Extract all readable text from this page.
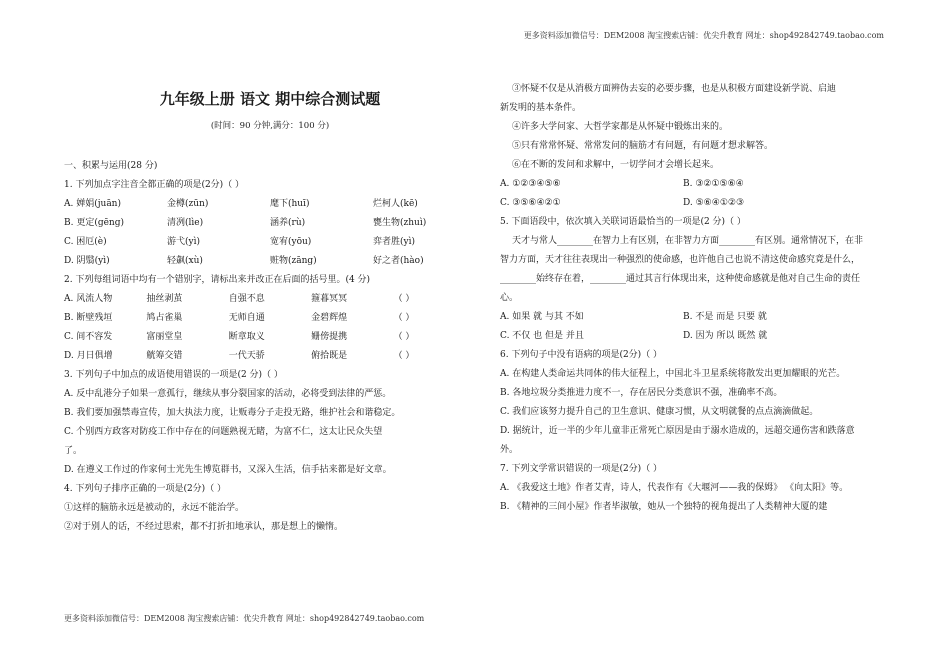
更多资料添加微信号：DEM2008 淘宝搜索店铺：优尖升教育 网址：shop492842749.taobao.com
九年级上册 语文 期中综合测试题
(时间：90 分钟,满分：100 分)
一、积累与运用(28 分)
1. 下列加点字注音全都正确的项是(2分)（ ）
A. 婵娟(juān)	金樽(zūn)	麾下(huī)	烂柯人(kē)
B. 更定(gēng)	清冽(lìe)	涵养(rù)	甕生物(zhuì)
C. 困厄(è)	游弋(yì)	宽宥(yōu)	弈者胜(yì)
D. 阴翳(yì)	轻飙(xù)	赃物(zāng)	好之者(hào)
2. 下列每组词语中均有一个错别字，请标出来并改正在后面的括号里。(4 分)
A. 风流人物	抽丝剥茧	自强不息	箍暮冥冥	（ ）
B. 断壁残垣	鸠占雀巢	无师自通	金碧辉煌	（ ）
C. 间不容发	富丽堂皇	断章取义	姗傍提携	（ ）
D. 月日俱增	觥筹交错	一代天骄	俯拾既是	（ ）
3. 下列句子中加点的成语使用错误的一项是(2 分)（ ）
A. 反中乱港分子如果一意孤行，继续从事分裂国家的活动，必将受到法律的严惩。
B. 我们要加强禁毒宣传，加大执法力度，让贩毒分子走投无路，维护社会和谐稳定。
C. 个别西方政客对防疫工作中存在的问题熟视无睹，为富不仁，这太让民众失望
了。
D. 在遵义工作过的作家何士光先生博览群书，又深入生活，信手拈来都是好文章。
4. 下列句子排序正确的一项是(2分)（ ）
①这样的脑筋永远是被动的，永远不能治学。
②对于别人的话，不经过思索，都不打折扣地承认，那是想上的懒惰。
③怀疑不仅是从消极方面辨伪去妄的必要步骤，也是从积极方面建设新学说、启迪
新发明的基本条件。
④许多大学问家、大哲学家都是从怀疑中锻炼出来的。
⑤只有常常怀疑、常常发问的脑筋才有问题，有问题才想求解答。
⑥在不断的发问和求解中，一切学问才会增长起来。
A. ①②③④⑤⑥	B. ③②①⑤⑥④
C. ③⑤⑥④②①	D. ⑤⑥④①②③
5. 下面语段中，依次填入关联词语最恰当的一项是(2 分)（ ）
天才与常人________在智力上有区别，在非智力方面________有区别。通常情况下，在非智力方面，天才往往表现出一种强烈的使命感，也许他自己也说不清这使命感究竟是什么，________始终存在着，________通过其言行体现出来，这种使命感就是他对自己生命的责任心。
A. 如果 就 与其 不如	B. 不是 而是 只要 就
C. 不仅 也 但是 并且	D. 因为 所以 既然 就
6. 下列句子中没有语病的项是(2分)（ ）
A. 在构建人类命运共同体的伟大征程上，中国北斗卫星系统将散发出更加耀眼的光芒。
B. 各地垃圾分类推进力度不一，存在居民分类意识不强，准确率不高。
C. 我们应该努力提升自己的卫生意识、健康习惯，从文明就餐的点点滴滴做起。
D. 据统计，近一半的少年儿童非正常死亡原因是由于溺水造成的，远超交通伤害和跌落意外。
7. 下列文学常识错误的一项是(2分)（ ）
A. 《我爱这土地》作者艾青，诗人，代表作有《大堰河——我的保姆》 《向太阳》等。
B. 《精神的三间小屋》作者毕淑敏，她从一个独特的视角提出了人类精神大厦的建
更多资料添加微信号：DEM2008 淘宝搜索店铺：优尖升教育 网址：shop492842749.taobao.com
